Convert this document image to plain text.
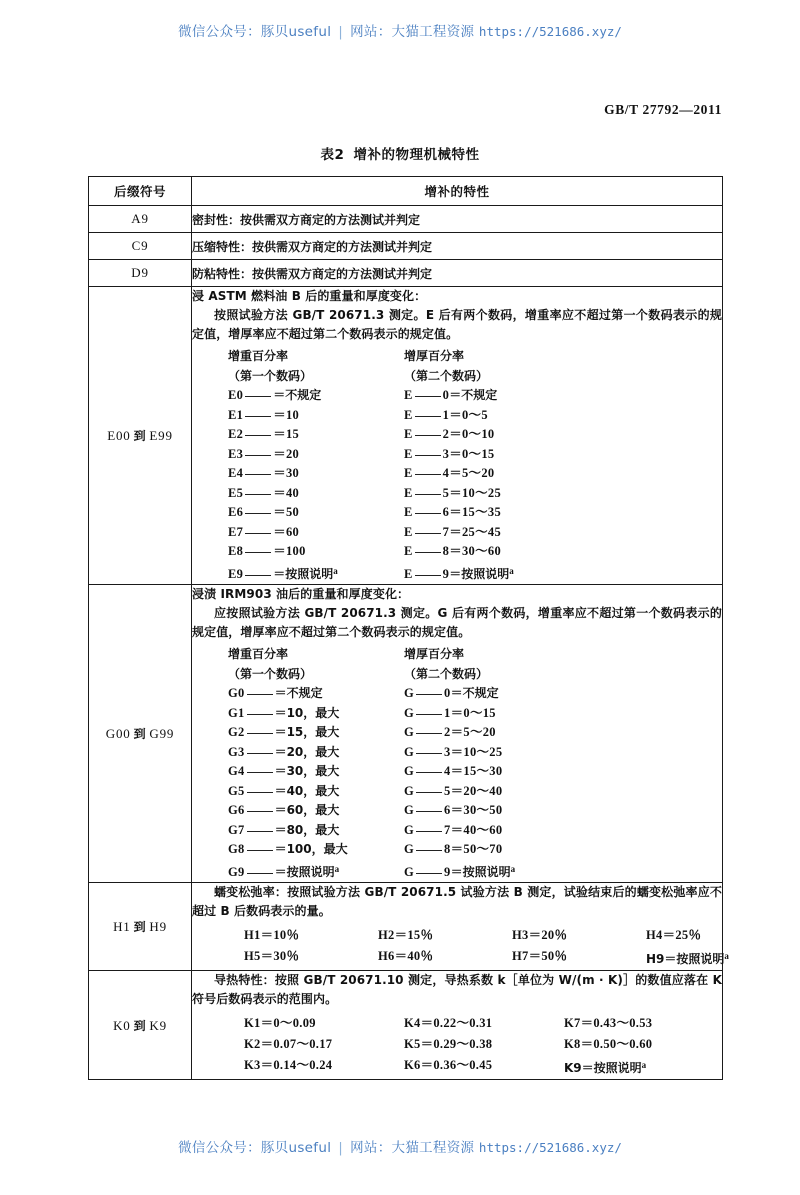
微信公众号：豚贝useful | 网站：大猫工程资源 https://521686.xyz/
GB/T 27792—2011
表2 增补的物理机械特性
后缀符号	增补的特性
A9	密封性：按供需双方商定的方法测试并判定
C9	压缩特性：按供需双方商定的方法测试并判定
D9	防粘特性：按供需双方商定的方法测试并判定
E00 到 E99	
浸 ASTM 燃料油 B 后的重量和厚度变化：
按照试验方法 GB/T 20671.3 测定。E 后有两个数码，增重率应不超过第一个数码表示的规定值，增厚率应不超过第二个数码表示的规定值。
增重百分率	增厚百分率
（第一个数码）	（第二个数码）
E0	＝不规定	E 0＝不规定
E1 ＝10	E 1＝0～5
E2 ＝15	E 2＝0～10
E3 ＝20	E 3＝0～15
E4 ＝30	E 4＝5～20
E5 ＝40	E 5＝10～25
E6 ＝50	E 6＝15～35
E7 ＝60	E 7＝25～45
E8 ＝100	E 8＝30～60
E9	＝按照说明$^a$	E 9＝按照说明$^a$

G00 到 G99	
浸渍 IRM903 油后的重量和厚度变化：
应按照试验方法 GB/T 20671.3 测定。G 后有两个数码，增重率应不超过第一个数码表示的规定值，增厚率应不超过第二个数码表示的规定值。
增重百分率	增厚百分率
（第一个数码）	（第二个数码）
G0	＝不规定	G 0＝不规定
G1	＝10，最大	G 1＝0～15
G2	＝15，最大	G 2＝5～20
G3	＝20，最大	G 3＝10～25
G4	＝30，最大	G 4＝15～30
G5	＝40，最大	G 5＝20～40
G6	＝60，最大	G 6＝30～50
G7	＝80，最大	G 7＝40～60
G8	＝100，最大	G 8＝50～70
G9	＝按照说明$^a$	G 9＝按照说明$^a$

H1 到 H9	
蠕变松弛率：按照试验方法 GB/T 20671.5 试验方法 B 测定，试验结束后的蠕变松弛率应不超过 B 后数码表示的量。
H1＝10％	H2＝15％	H3＝20％	H4＝25％
H5＝30％	H6＝40％	H7＝50％	H9＝按照说明$^a$

K0 到 K9	
导热特性：按照 GB/T 20671.10 测定，导热系数 k［单位为 W/(m · K)］的数值应落在 K 符号后数码表示的范围内。
K1＝0～0.09	K4＝0.22～0.31	K7＝0.43～0.53
K2＝0.07～0.17	K5＝0.29～0.38	K8＝0.50～0.60
K3＝0.14～0.24	K6＝0.36～0.45	K9＝按照说明$^a$
微信公众号：豚贝useful | 网站：大猫工程资源 https://521686.xyz/
